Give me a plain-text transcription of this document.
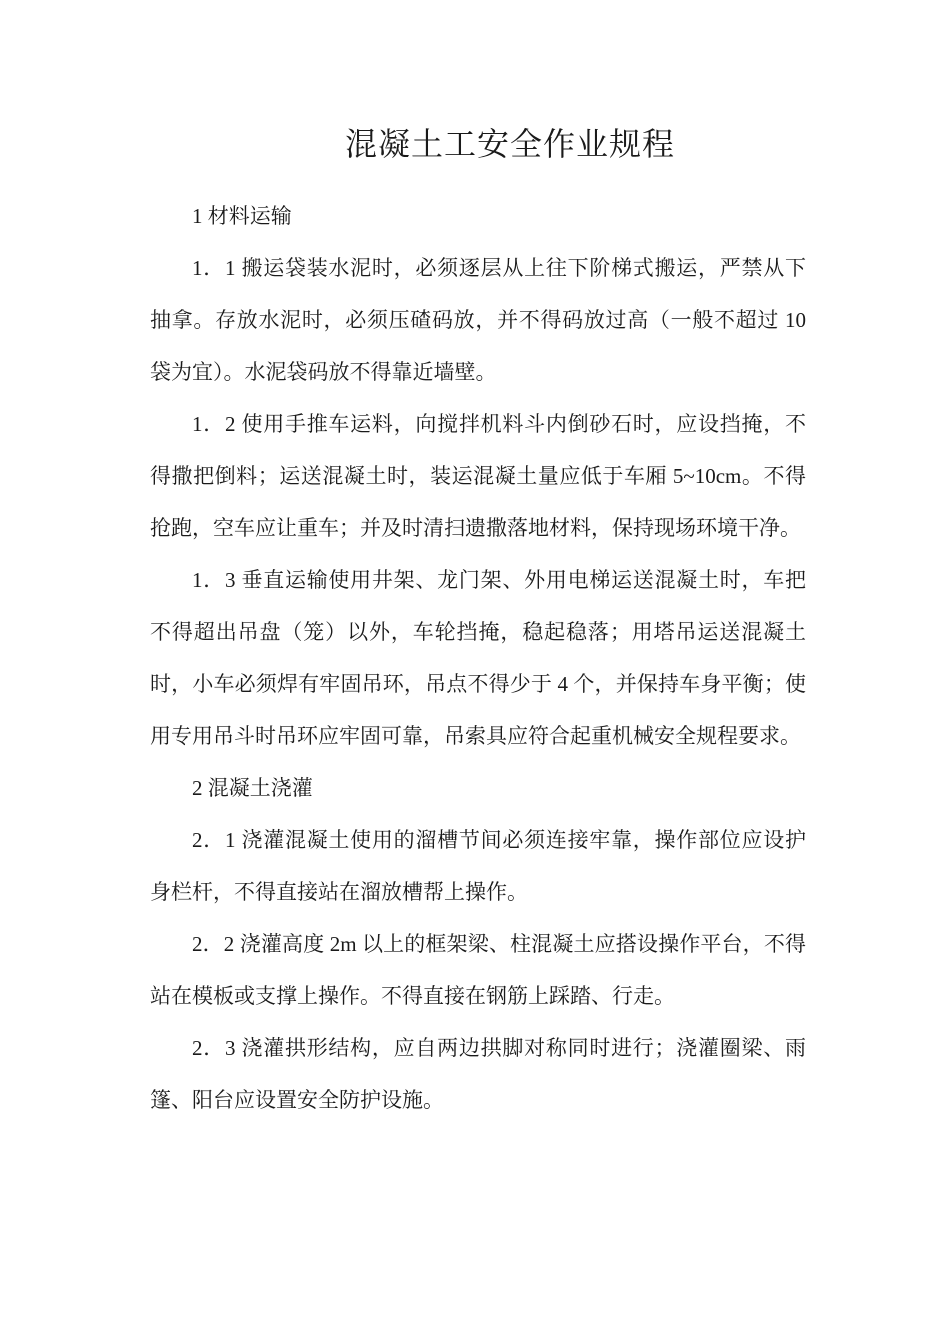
混凝土工安全作业规程

1 材料运输

1．1 搬运袋装水泥时，必须逐层从上往下阶梯式搬运，严禁从下抽拿。存放水泥时，必须压碴码放，并不得码放过高（一般不超过 10 袋为宜）。水泥袋码放不得靠近墙壁。

1．2 使用手推车运料，向搅拌机料斗内倒砂石时，应设挡掩，不得撒把倒料；运送混凝土时，装运混凝土量应低于车厢 5~10cm。不得抢跑，空车应让重车；并及时清扫遗撒落地材料，保持现场环境干净。

1．3 垂直运输使用井架、龙门架、外用电梯运送混凝土时，车把不得超出吊盘（笼）以外，车轮挡掩，稳起稳落；用塔吊运送混凝土时，小车必须焊有牢固吊环，吊点不得少于 4 个，并保持车身平衡；使用专用吊斗时吊环应牢固可靠，吊索具应符合起重机械安全规程要求。

2 混凝土浇灌

2．1 浇灌混凝土使用的溜槽节间必须连接牢靠，操作部位应设护身栏杆，不得直接站在溜放槽帮上操作。

2．2 浇灌高度 2m 以上的框架梁、柱混凝土应搭设操作平台，不得站在模板或支撑上操作。不得直接在钢筋上踩踏、行走。

2．3 浇灌拱形结构，应自两边拱脚对称同时进行；浇灌圈梁、雨篷、阳台应设置安全防护设施。
